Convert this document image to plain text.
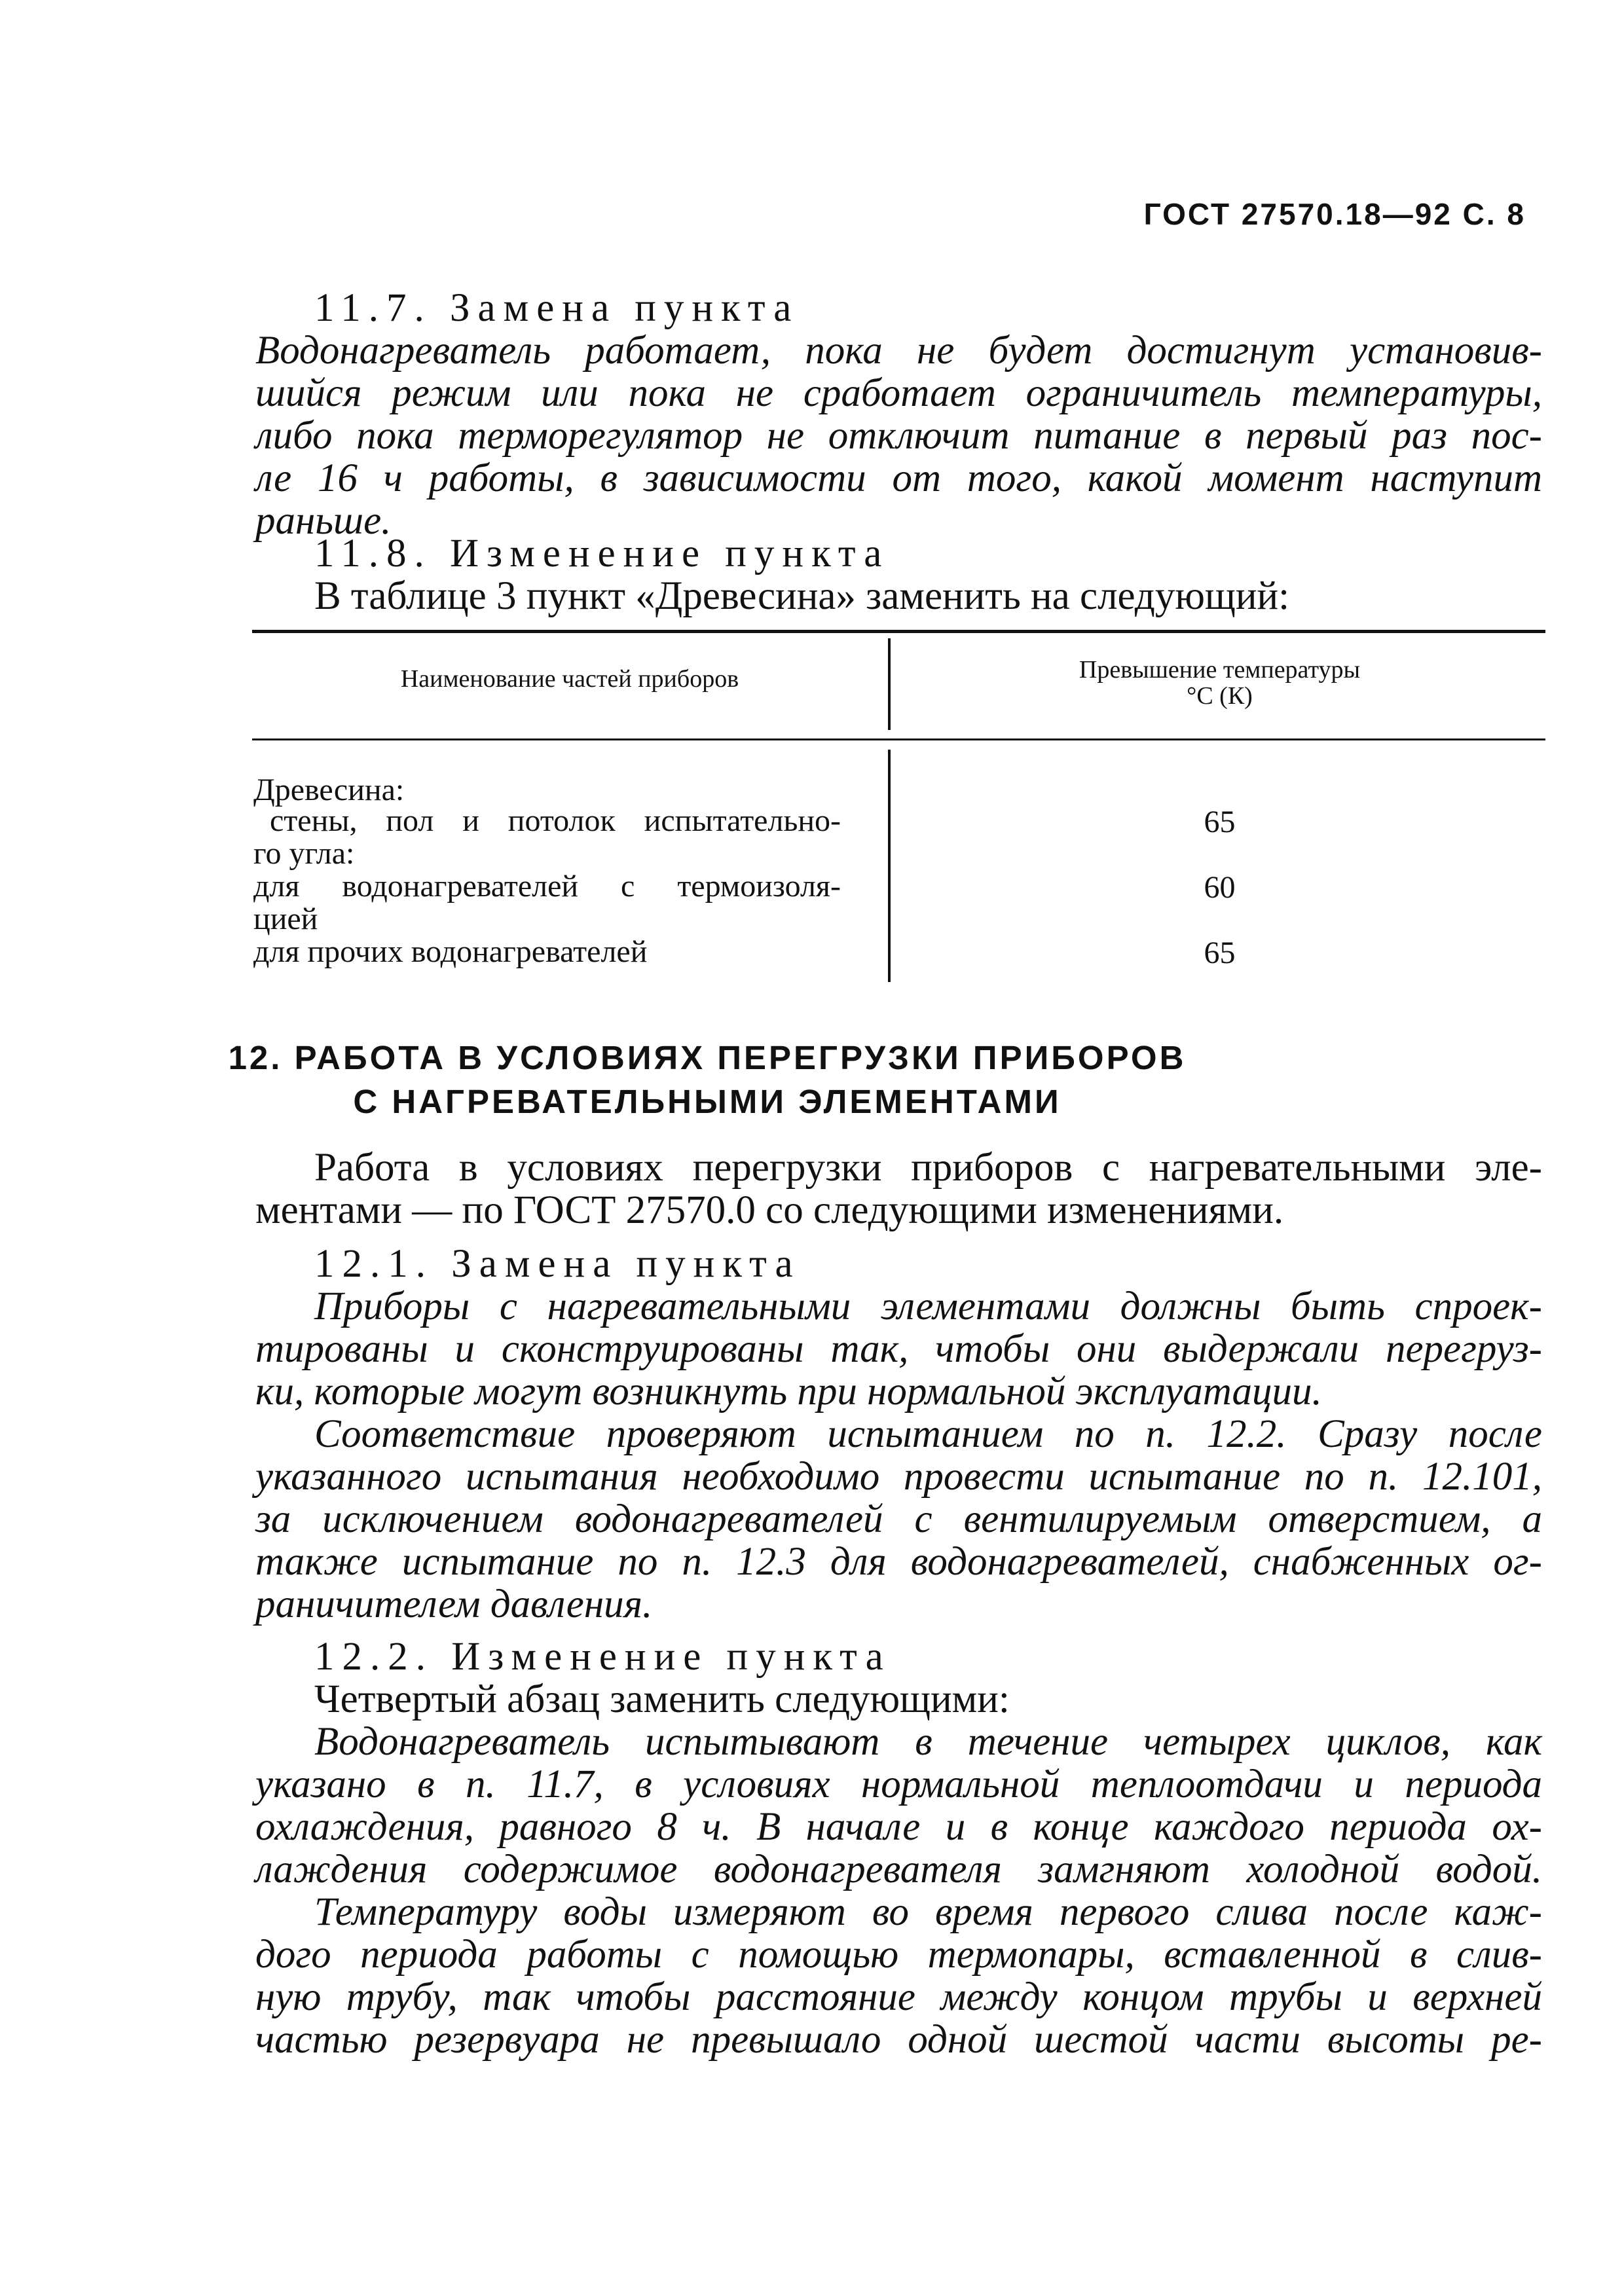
ГОСТ 27570.18—92 С. 8
11.7. Замена пункта
Водонагреватель работает, пока не будет достигнут установив-
шийся режим или пока не сработает ограничитель температуры,
либо пока терморегулятор не отключит питание в первый раз пос-
ле 16 ч работы, в зависимости от того, какой момент наступит
раньше.
11.8. Изменение пункта
В таблице 3 пункт «Древесина» заменить на следующий:
Наименование частей приборов	Превышение температуры
°С (К)
Древесина:
стены, пол и потолок испытательно-	65
го угла:
для водонагревателей с термоизоля-	60
цией
для прочих водонагревателей	65
12. РАБОТА В УСЛОВИЯХ ПЕРЕГРУЗКИ ПРИБОРОВ
С НАГРЕВАТЕЛЬНЫМИ ЭЛЕМЕНТАМИ
Работа в условиях перегрузки приборов с нагревательными эле-
ментами — по ГОСТ 27570.0 со следующими изменениями.
12.1. Замена пункта
Приборы с нагревательными элементами должны быть спроек-
тированы и сконструированы так, чтобы они выдержали перегруз-
ки, которые могут возникнуть при нормальной эксплуатации.
Соответствие проверяют испытанием по п. 12.2. Сразу после
указанного испытания необходимо провести испытание по п. 12.101,
за исключением водонагревателей с вентилируемым отверстием, а
также испытание по п. 12.3 для водонагревателей, снабженных ог-
раничителем давления.
12.2. Изменение пункта
Четвертый абзац заменить следующими:
Водонагреватель испытывают в течение четырех циклов, как
указано в п. 11.7, в условиях нормальной теплоотдачи и периода
охлаждения, равного 8 ч. В начале и в конце каждого периода ох-
лаждения содержимое водонагревателя замгняют холодной водой.
Температуру воды измеряют во время первого слива после каж-
дого периода работы с помощью термопары, вставленной в слив-
ную трубу, так чтобы расстояние между концом трубы и верхней
частью резервуара не превышало одной шестой части высоты ре-
